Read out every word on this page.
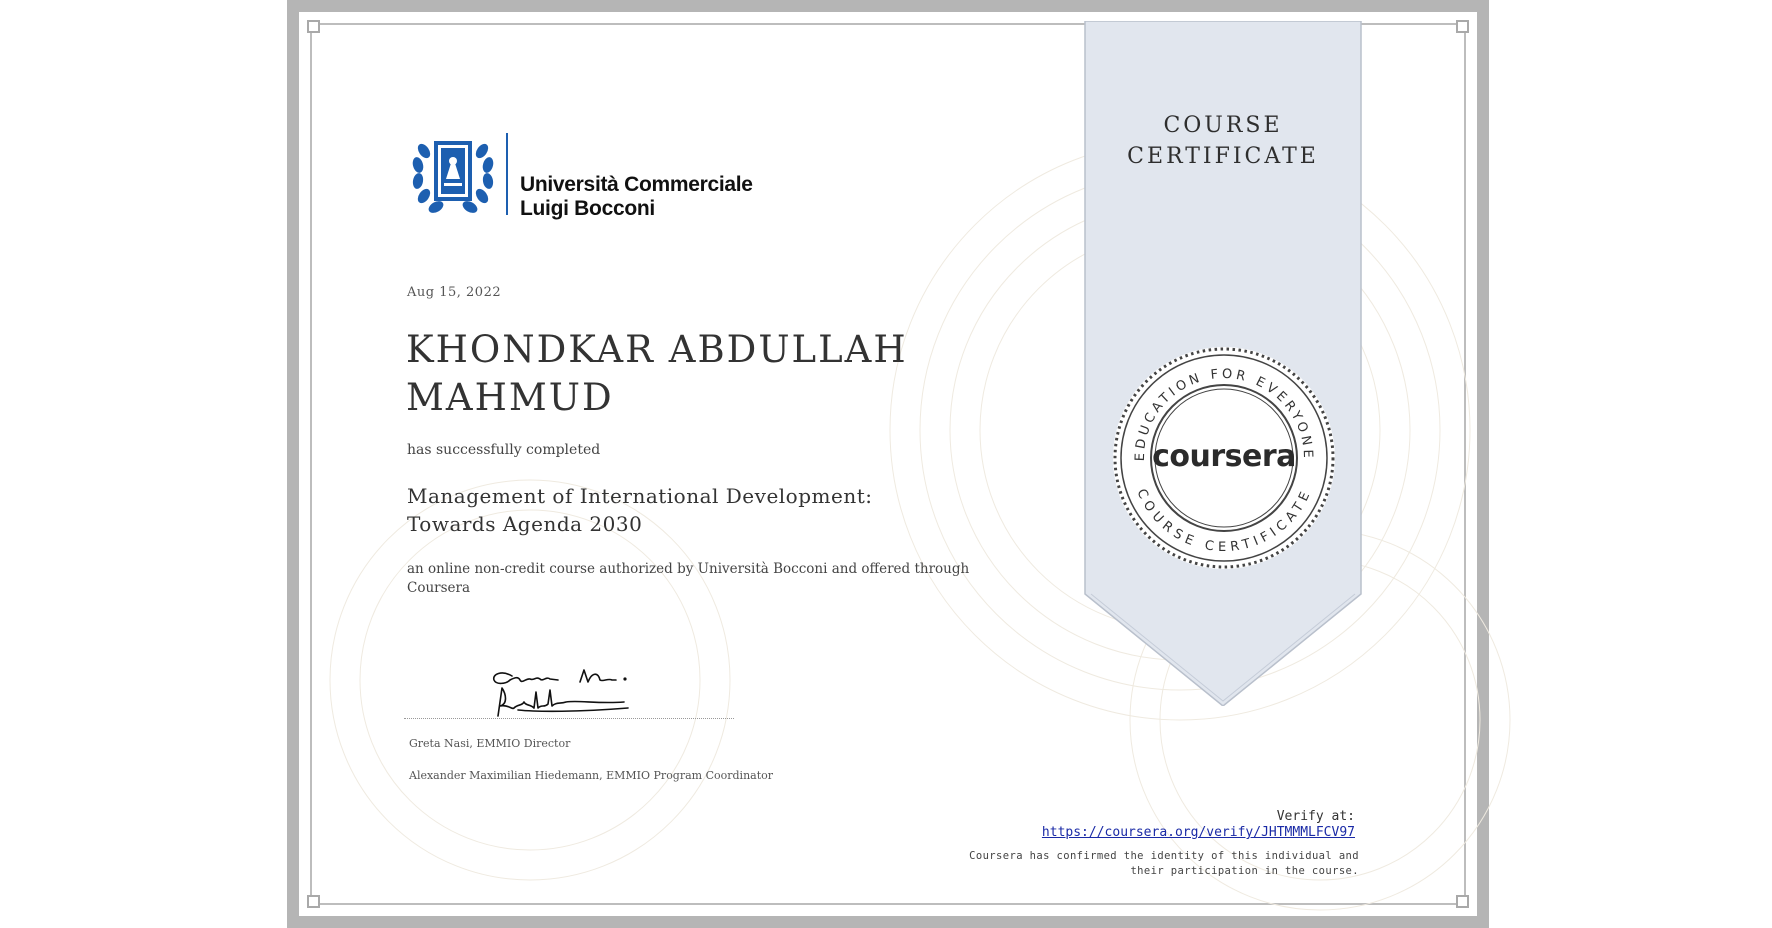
COURSE
CERTIFICATE
EDUCATION FOR EVERYONE
COURSE CERTIFICATE
coursera
Università Commerciale
Luigi Bocconi
Aug 15, 2022
KHONDKAR ABDULLAH
MAHMUD
has successfully completed
Management of International Development:
Towards Agenda 2030
an online non-credit course authorized by Università Bocconi and offered through
Coursera
Greta Nasi, EMMIO Director
Alexander Maximilian Hiedemann, EMMIO Program Coordinator
Verify at:
https://coursera.org/verify/JHTMMMLFCV97
Coursera has confirmed the identity of this individual and
their participation in the course.
